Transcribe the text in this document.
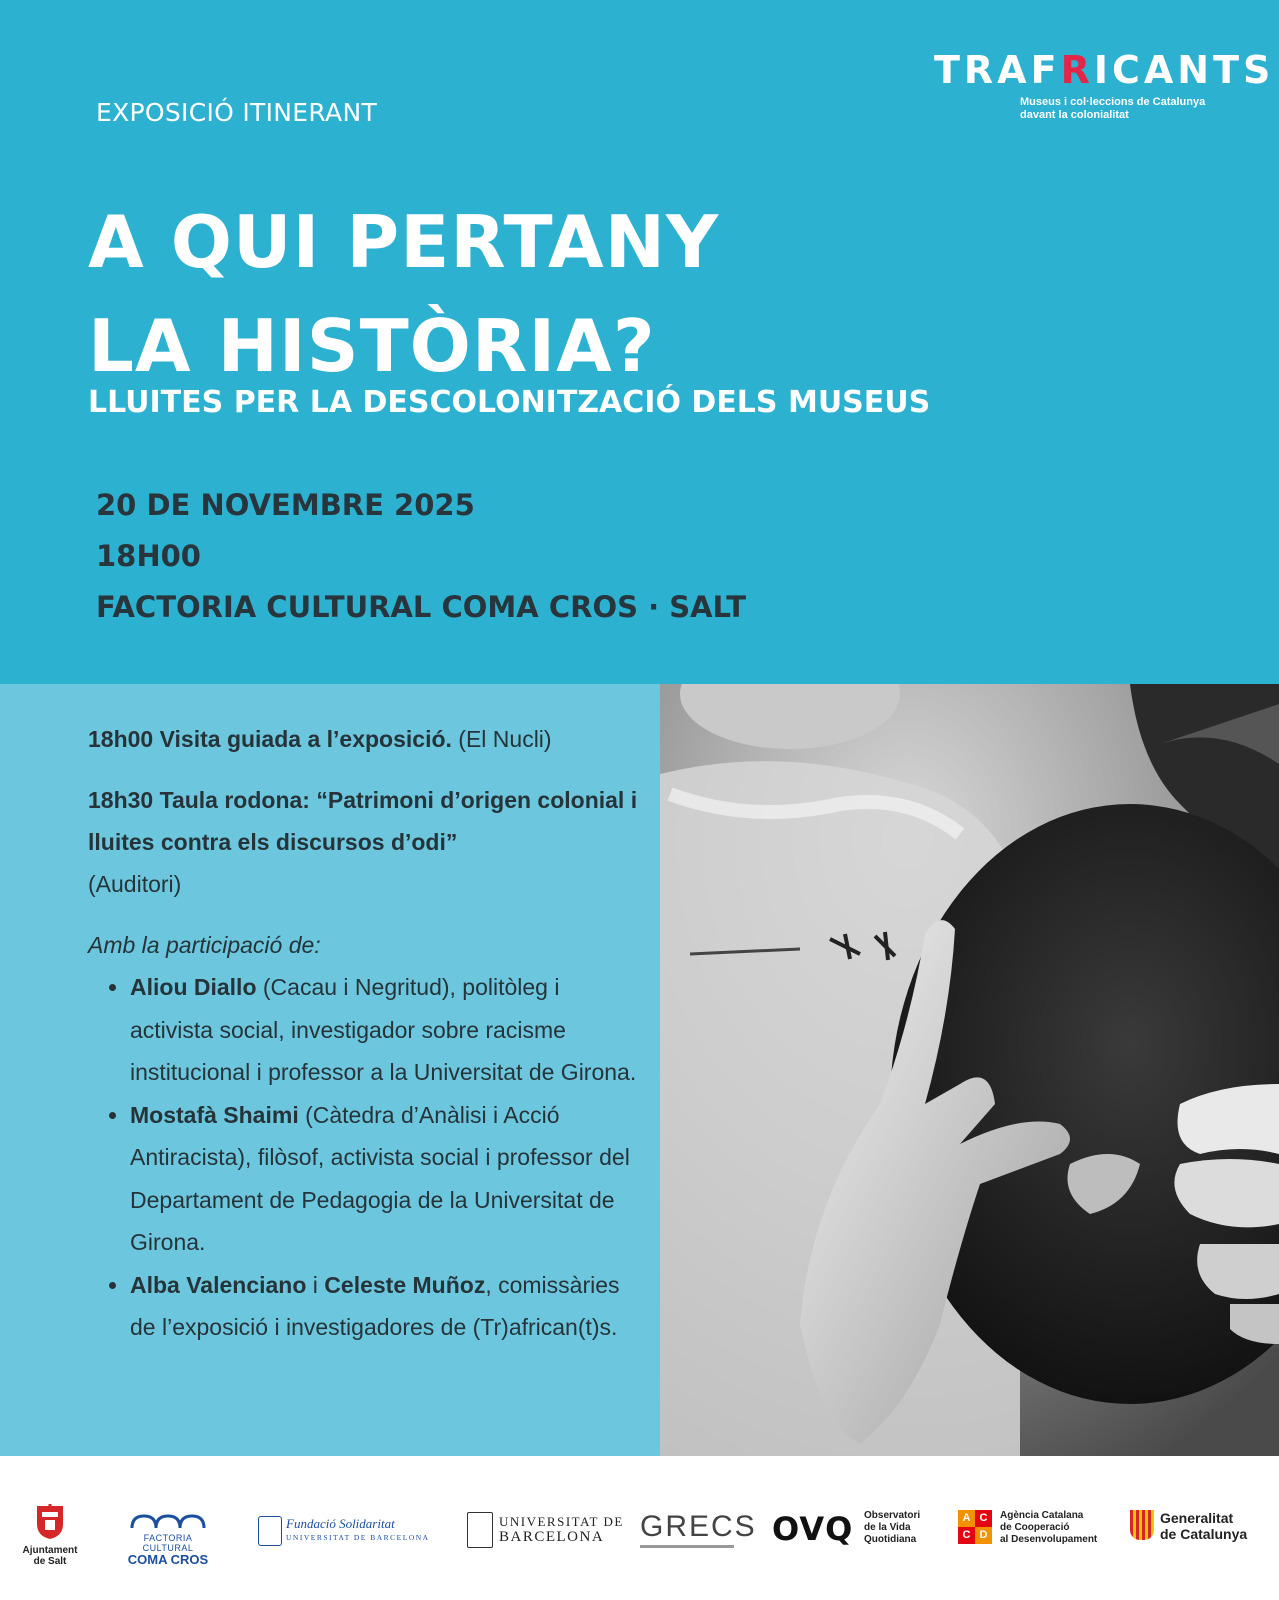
EXPOSICIÓ ITINERANT
TRAFRICANTS
Museus i col·leccions de Catalunya
davant la colonialitat
A QUI PERTANY
LA HISTÒRIA?
LLUITES PER LA DESCOLONITZACIÓ DELS MUSEUS
20 DE NOVEMBRE 2025
18H00
FACTORIA CULTURAL COMA CROS · SALT

18h00 Visita guiada a l’exposició. (El Nucli)

18h30 Taula rodona: “Patrimoni d’origen colonial i lluites contra els discursos d’odi”
(Auditori)

Amb la participació de:

• Aliou Diallo (Cacau i Negritud), politòleg i activista social, investigador sobre racisme institucional i professor a la Universitat de Girona.
• Mostafà Shaimi (Càtedra d’Anàlisi i Acció Antiracista), filòsof, activista social i professor del Departament de Pedagogia de la Universitat de Girona.
• Alba Valenciano i Celeste Muñoz, comissàries de l’exposició i investigadores de (Tr)african(t)s.
Ajuntament
de Salt
FACTORIA CULTURAL
COMA CROS
Fundació Solidaritat
UNIVERSITAT DE BARCELONA
UNIVERSITAT DE
BARCELONA GRECS OVQ Observatori
de la Vida
Quotidiana
A C
C D
Agència Catalana
de Cooperació
al Desenvolupament
Generalitat
de Catalunya
